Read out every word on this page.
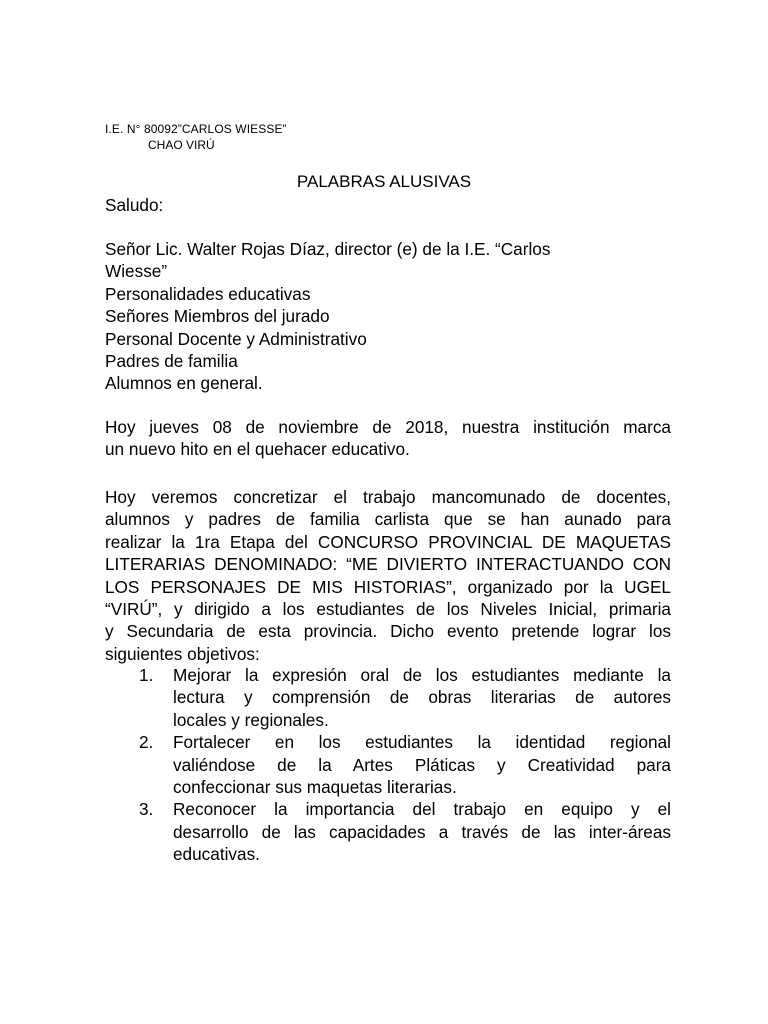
I.E. N° 80092”CARLOS WIESSE”
CHAO VIRÚ
PALABRAS ALUSIVAS
Saludo:
Señor Lic. Walter Rojas Díaz, director (e) de la I.E. “Carlos
Wiesse”
Personalidades educativas
Señores Miembros del jurado
Personal Docente y Administrativo
Padres de familia
Alumnos en general.
Hoy jueves 08 de noviembre de 2018, nuestra institución marca
un nuevo hito en el quehacer educativo.
Hoy veremos concretizar el trabajo mancomunado de docentes,
alumnos y padres de familia carlista que se han aunado para
realizar la 1ra Etapa del CONCURSO PROVINCIAL DE MAQUETAS
LITERARIAS DENOMINADO: “ME DIVIERTO INTERACTUANDO CON
LOS PERSONAJES DE MIS HISTORIAS”, organizado por la UGEL
“VIRÚ”, y dirigido a los estudiantes de los Niveles Inicial, primaria
y Secundaria de esta provincia. Dicho evento pretende lograr los
siguientes objetivos:
1. Mejorar la expresión oral de los estudiantes mediante la
lectura y comprensión de obras literarias de autores
locales y regionales.
2. Fortalecer en los estudiantes la identidad regional
valiéndose de la Artes Pláticas y Creatividad para
confeccionar sus maquetas literarias.
3. Reconocer la importancia del trabajo en equipo y el
desarrollo de las capacidades a través de las inter-áreas
educativas.
